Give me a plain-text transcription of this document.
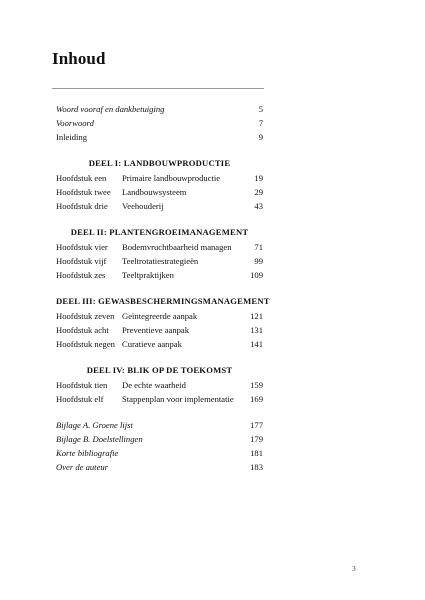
Inhoud
Woord vooraf en dankbetuiging	5
Voorwoord	7
Inleiding	9
DEEL I: LANDBOUWPRODUCTIE
Hoofdstuk een Primaire landbouwproductie	19
Hoofdstuk twee Landbouwsysteem	29
Hoofdstuk drie Veehouderij	43
DEEL II: PLANTENGROEIMANAGEMENT
Hoofdstuk vier Bodemvruchtbaarheid managen	71
Hoofdstuk vijf Teeltrotatiestrategieën	99
Hoofdstuk zes Teeltpraktijken	109
DEEL III: GEWASBESCHERMINGSMANAGEMENT
Hoofdstuk zeven Geïntegreerde aanpak	121
Hoofdstuk acht Preventieve aanpak	131
Hoofdstuk negen Curatieve aanpak	141
DEEL IV: BLIK OP DE TOEKOMST
Hoofdstuk tien De echte waarheid	159
Hoofdstuk elf Stappenplan voor implementatie 169
Bijlage A. Groene lijst	177
Bijlage B. Doelstellingen	179
Korte bibliografie	181
Over de auteur	183
3
